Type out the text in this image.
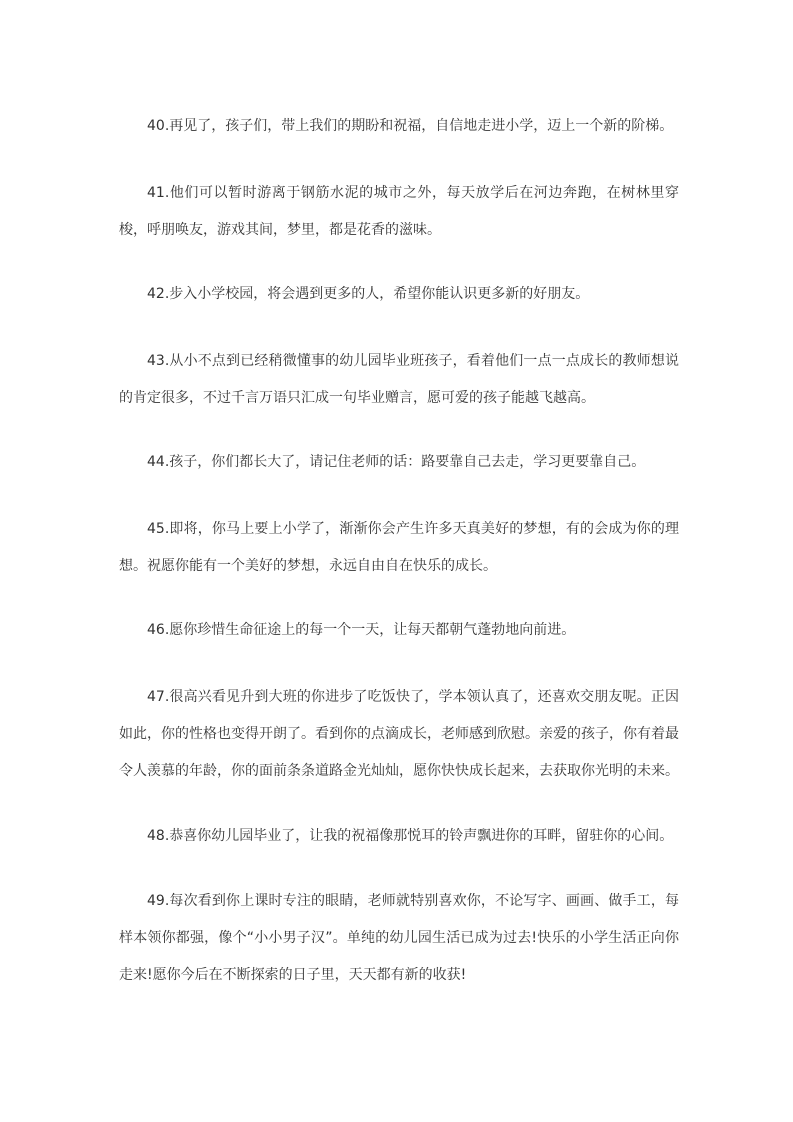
40.再见了，孩子们，带上我们的期盼和祝福，自信地走进小学，迈上一个新的阶梯。

41.他们可以暂时游离于钢筋水泥的城市之外，每天放学后在河边奔跑，在树林里穿梭，呼朋唤友，游戏其间，梦里，都是花香的滋味。

42.步入小学校园，将会遇到更多的人，希望你能认识更多新的好朋友。

43.从小不点到已经稍微懂事的幼儿园毕业班孩子，看着他们一点一点成长的教师想说的肯定很多，不过千言万语只汇成一句毕业赠言，愿可爱的孩子能越飞越高。

44.孩子，你们都长大了，请记住老师的话：路要靠自己去走，学习更要靠自己。

45.即将，你马上要上小学了，渐渐你会产生许多天真美好的梦想，有的会成为你的理想。祝愿你能有一个美好的梦想，永远自由自在快乐的成长。

46.愿你珍惜生命征途上的每一个一天，让每天都朝气蓬勃地向前进。

47.很高兴看见升到大班的你进步了吃饭快了，学本领认真了，还喜欢交朋友呢。正因如此，你的性格也变得开朗了。看到你的点滴成长，老师感到欣慰。亲爱的孩子，你有着最令人羡慕的年龄，你的面前条条道路金光灿灿，愿你快快成长起来，去获取你光明的未来。

48.恭喜你幼儿园毕业了，让我的祝福像那悦耳的铃声飘进你的耳畔，留驻你的心间。

49.每次看到你上课时专注的眼睛，老师就特别喜欢你，不论写字、画画、做手工，每样本领你都强，像个“小小男子汉”。单纯的幼儿园生活已成为过去!快乐的小学生活正向你走来!愿你今后在不断探索的日子里，天天都有新的收获!
